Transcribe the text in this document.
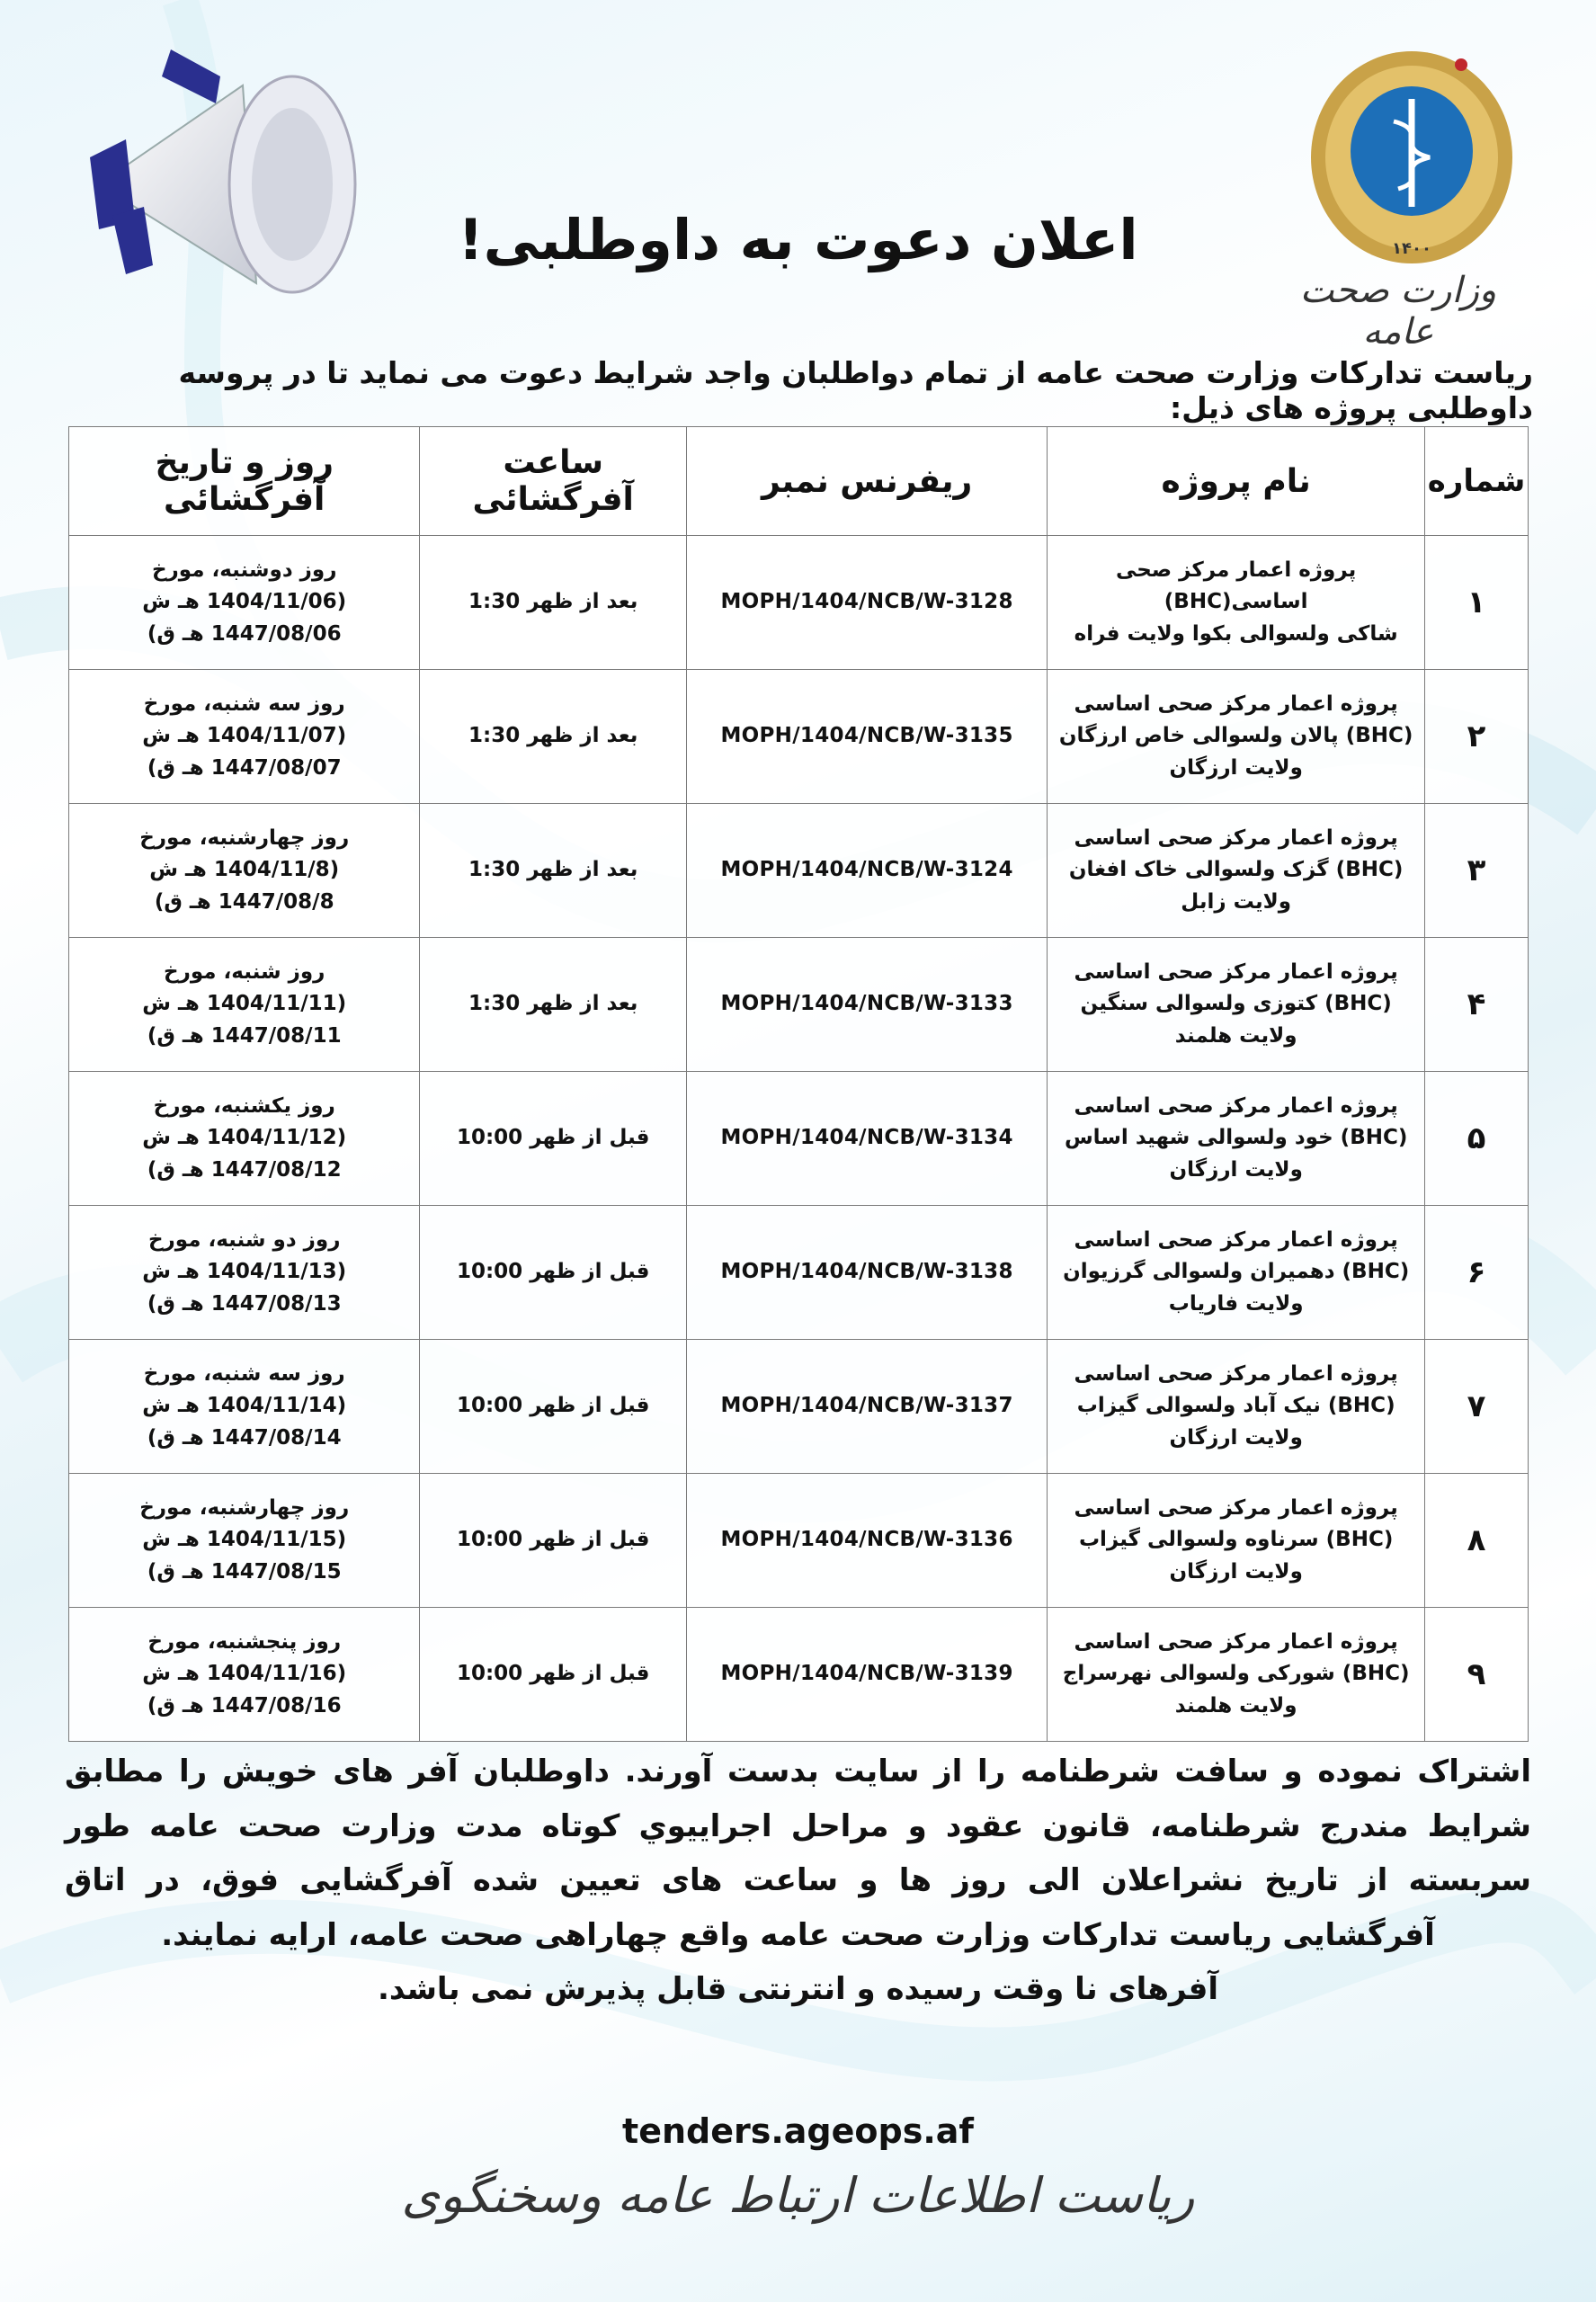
۱۴۰۰
وزارت صحت عامه
اعلان دعوت به داوطلبی!
ریاست تدارکات وزارت صحت عامه از تمام دواطلبان واجد شرایط دعوت می نماید تا در پروسه داوطلبی پروژه های ذیل:
شماره	نام پروژه	ریفرنس نمبر	ساعت آفرگشائی	روز و تاریخ آفرگشائی
۱	پروژه اعمار مرکز صحی
اساسی(BHC)
شاکی ولسوالی بکوا ولایت فراه	MOPH/1404/NCB/W-3128	بعد از ظهر 1:30	روز دوشنبه، مورخ
(1404/11/06 هـ ش
1447/08/06 هـ ق)

۲	پروژه اعمار مرکز صحی اساسی
(BHC) پالان ولسوالی خاص ارزگان
ولایت ارزگان	MOPH/1404/NCB/W-3135	بعد از ظهر 1:30	روز سه شنبه، مورخ
(1404/11/07 هـ ش
1447/08/07 هـ ق)

۳	پروژه اعمار مرکز صحی اساسی
(BHC) گزک ولسوالی خاک افغان
ولایت زابل	MOPH/1404/NCB/W-3124	بعد از ظهر 1:30	روز چهارشنبه، مورخ
(1404/11/8 هـ ش
1447/08/8 هـ ق)

۴	پروژه اعمار مرکز صحی اساسی
(BHC) کتوزی ولسوالی سنگین
ولایت هلمند	MOPH/1404/NCB/W-3133	بعد از ظهر 1:30	روز شنبه، مورخ
(1404/11/11 هـ ش
1447/08/11 هـ ق)

۵	پروژه اعمار مرکز صحی اساسی
(BHC) خود ولسوالی شهید اساس
ولایت ارزگان	MOPH/1404/NCB/W-3134	قبل از ظهر 10:00	روز یکشنبه، مورخ
(1404/11/12 هـ ش
1447/08/12 هـ ق)

۶	پروژه اعمار مرکز صحی اساسی
(BHC) دهمیران ولسوالی گرزیوان
ولایت فاریاب	MOPH/1404/NCB/W-3138	قبل از ظهر 10:00	روز دو شنبه، مورخ
(1404/11/13 هـ ش
1447/08/13 هـ ق)

۷	پروژه اعمار مرکز صحی اساسی
(BHC) نیک آباد ولسوالی گیزاب
ولایت ارزگان	MOPH/1404/NCB/W-3137	قبل از ظهر 10:00	روز سه شنبه، مورخ
(1404/11/14 هـ ش
1447/08/14 هـ ق)

۸	پروژه اعمار مرکز صحی اساسی
(BHC) سرناوه ولسوالی گیزاب
ولایت ارزگان	MOPH/1404/NCB/W-3136	قبل از ظهر 10:00	روز چهارشنبه، مورخ
(1404/11/15 هـ ش
1447/08/15 هـ ق)

۹	پروژه اعمار مرکز صحی اساسی
(BHC) شورکی ولسوالی نهرسراج
ولایت هلمند	MOPH/1404/NCB/W-3139	قبل از ظهر 10:00	روز پنجشنبه، مورخ
(1404/11/16 هـ ش
1447/08/16 هـ ق)

اشتراک نموده و سافت شرطنامه را از سایت بدست آورند. داوطلبان آفر های خویش را مطابق شرایط مندرج شرطنامه، قانون عقود و مراحل اجراییوي کوتاه مدت وزارت صحت عامه طور سربسته از تاریخ نشراعلان الی روز ها و ساعت های تعیین شده آفرگشایی فوق، در اتاق آفرگشایی ریاست تدارکات وزارت صحت عامه واقع چهاراهی صحت عامه، ارایه نمایند.

آفرهای نا وقت رسیده و انترنتی قابل پذیرش نمی باشد.

tenders.ageops.af
ریاست اطلاعات ارتباط عامه وسخنگوی
